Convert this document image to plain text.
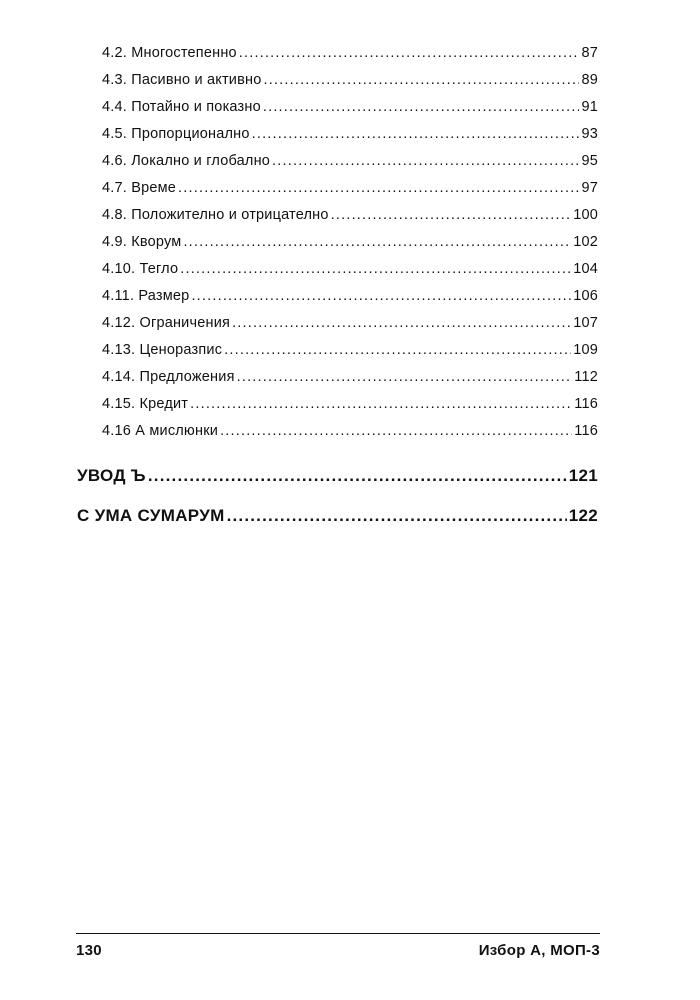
4.2. Многостепенно .....	87
4.3. Пасивно и активно .....	89
4.4. Потайно и показно .....	91
4.5. Пропорционално .....	93
4.6. Локално и глобално .....	95
4.7. Време .....	97
4.8. Положително и отрицателно .....	100
4.9. Кворум .....	102
4.10. Тегло .....	104
4.11. Размер .....	106
4.12. Ограничения .....	107
4.13. Ценоразпис .....	109
4.14. Предложения .....	112
4.15. Кредит .....	116
4.16 А мислюнки .....	116
УВОД Ъ .....	121
С УМА СУМАРУМ .....	122
130	Избор А, МОП-3
